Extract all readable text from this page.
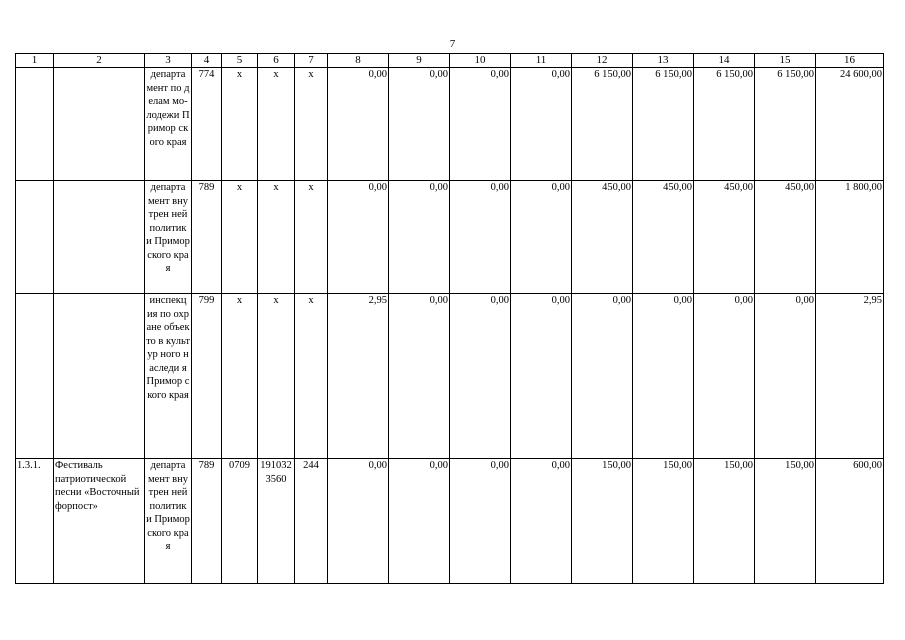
7
1	2	3	4	5	6	7	8	9	10	11	12	13	14	15	16
		департа мент по делам мо- лодежи Примор ского края	774	х	х	х	0,00	0,00	0,00	0,00	6 150,00	6 150,00	6 150,00	6 150,00	24 600,00
		департа мент внутрен ней политик и Примор ского края	789	х	х	х	0,00	0,00	0,00	0,00	450,00	450,00	450,00	450,00	1 800,00
		инспекц ия по охране объекто в культур ного наследи я Примор ского края	799	х	х	х	2,95	0,00	0,00	0,00	0,00	0,00	0,00	0,00	2,95
1.3.1.	Фестиваль патриотической песни «Восточный форпост»	департа мент внутрен ней политик и Примор ского края	789	0709	191032 3560	244	0,00	0,00	0,00	0,00	150,00	150,00	150,00	150,00	600,00
